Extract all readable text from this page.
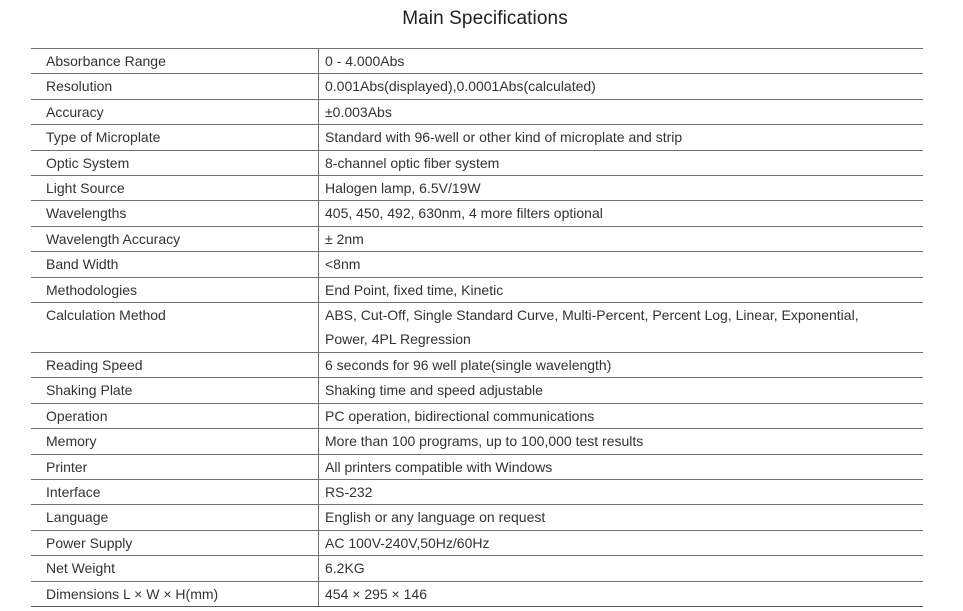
Main Specifications
Absorbance Range	0 - 4.000Abs
Resolution	0.001Abs(displayed),0.0001Abs(calculated)
Accuracy	±0.003Abs
Type of Microplate	Standard with 96-well or other kind of microplate and strip
Optic System	8-channel optic fiber system
Light Source	Halogen lamp, 6.5V/19W
Wavelengths	405, 450, 492, 630nm, 4 more filters optional
Wavelength Accuracy	± 2nm
Band Width	<8nm
Methodologies	End Point, fixed time, Kinetic
Calculation Method	ABS, Cut-Off, Single Standard Curve, Multi-Percent, Percent Log, Linear, Exponential,
Power, 4PL Regression

Reading Speed	6 seconds for 96 well plate(single wavelength)
Shaking Plate	Shaking time and speed adjustable
Operation	PC operation, bidirectional communications
Memory	More than 100 programs, up to 100,000 test results
Printer	All printers compatible with Windows
Interface	RS-232
Language	English or any language on request
Power Supply	AC 100V-240V,50Hz/60Hz
Net Weight	6.2KG
Dimensions L × W × H(mm)	454 × 295 × 146
